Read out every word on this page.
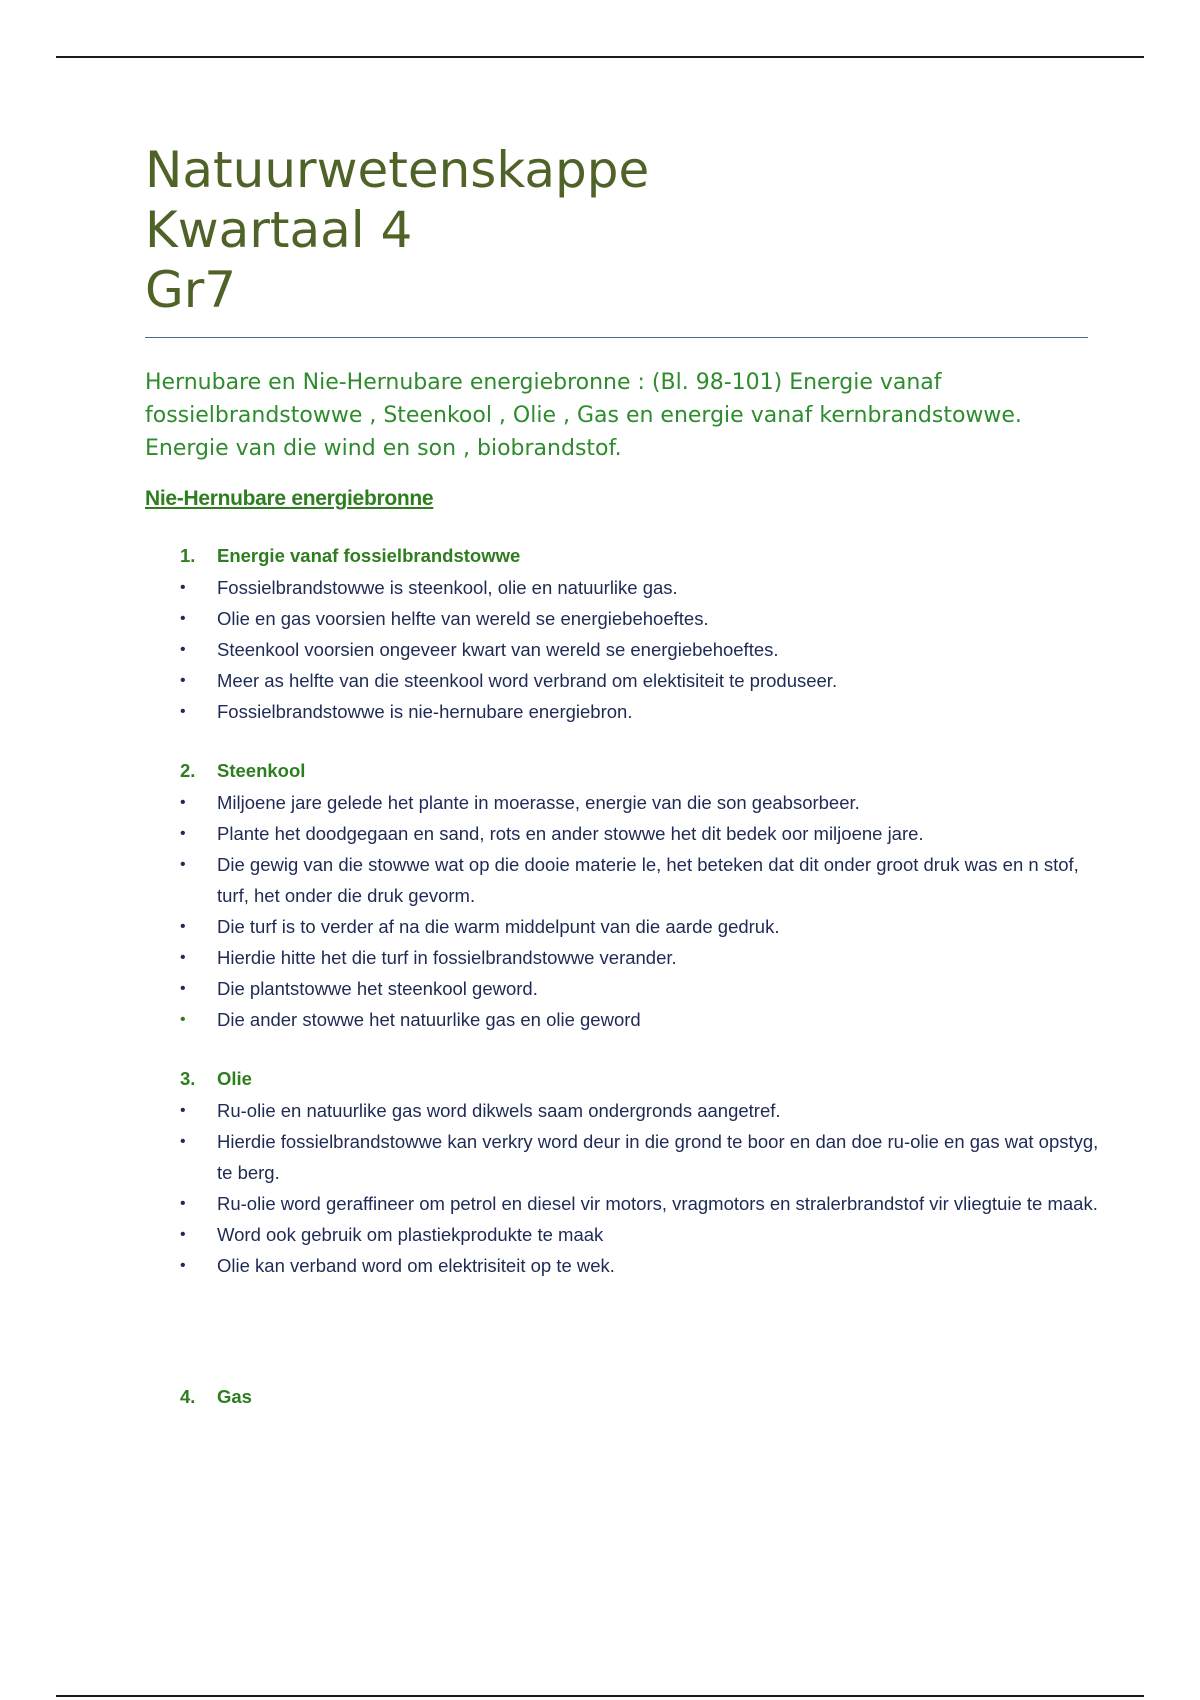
Natuurwetenskappe
Kwartaal 4
Gr7
Hernubare en Nie-Hernubare energiebronne : (Bl. 98-101) Energie vanaf fossielbrandstowwe , Steenkool , Olie , Gas en energie vanaf kernbrandstowwe. Energie van die wind en son , biobrandstof.
Nie-Hernubare energiebronne
1.	Energie vanaf fossielbrandstowwe
•	Fossielbrandstowwe is steenkool, olie en natuurlike gas.
•	Olie en gas voorsien helfte van wereld se energiebehoeftes.
•	Steenkool voorsien ongeveer kwart van wereld se energiebehoeftes.
•	Meer as helfte van die steenkool word verbrand om elektisiteit te produseer.
•	Fossielbrandstowwe is nie-hernubare energiebron.
2.	Steenkool
•	Miljoene jare gelede het plante in moerasse, energie van die son geabsorbeer.
•	Plante het doodgegaan en sand, rots en ander stowwe het dit bedek oor miljoene jare.
•	Die gewig van die stowwe wat op die dooie materie le, het beteken dat dit onder groot druk was en n stof, turf, het onder die druk gevorm.
•	Die turf is to verder af na die warm middelpunt van die aarde gedruk.
•	Hierdie hitte het die turf in fossielbrandstowwe verander.
•	Die plantstowwe het steenkool geword.
•	Die ander stowwe het natuurlike gas en olie geword
3.	Olie
•	Ru-olie en natuurlike gas word dikwels saam ondergronds aangetref.
•	Hierdie fossielbrandstowwe kan verkry word deur in die grond te boor en dan doe ru-olie en gas wat opstyg, te berg.
•	Ru-olie word geraffineer om petrol en diesel vir motors, vragmotors en stralerbrandstof vir vliegtuie te maak.
•	Word ook gebruik om plastiekprodukte te maak
•	Olie kan verband word om elektrisiteit op te wek.
4.	Gas
